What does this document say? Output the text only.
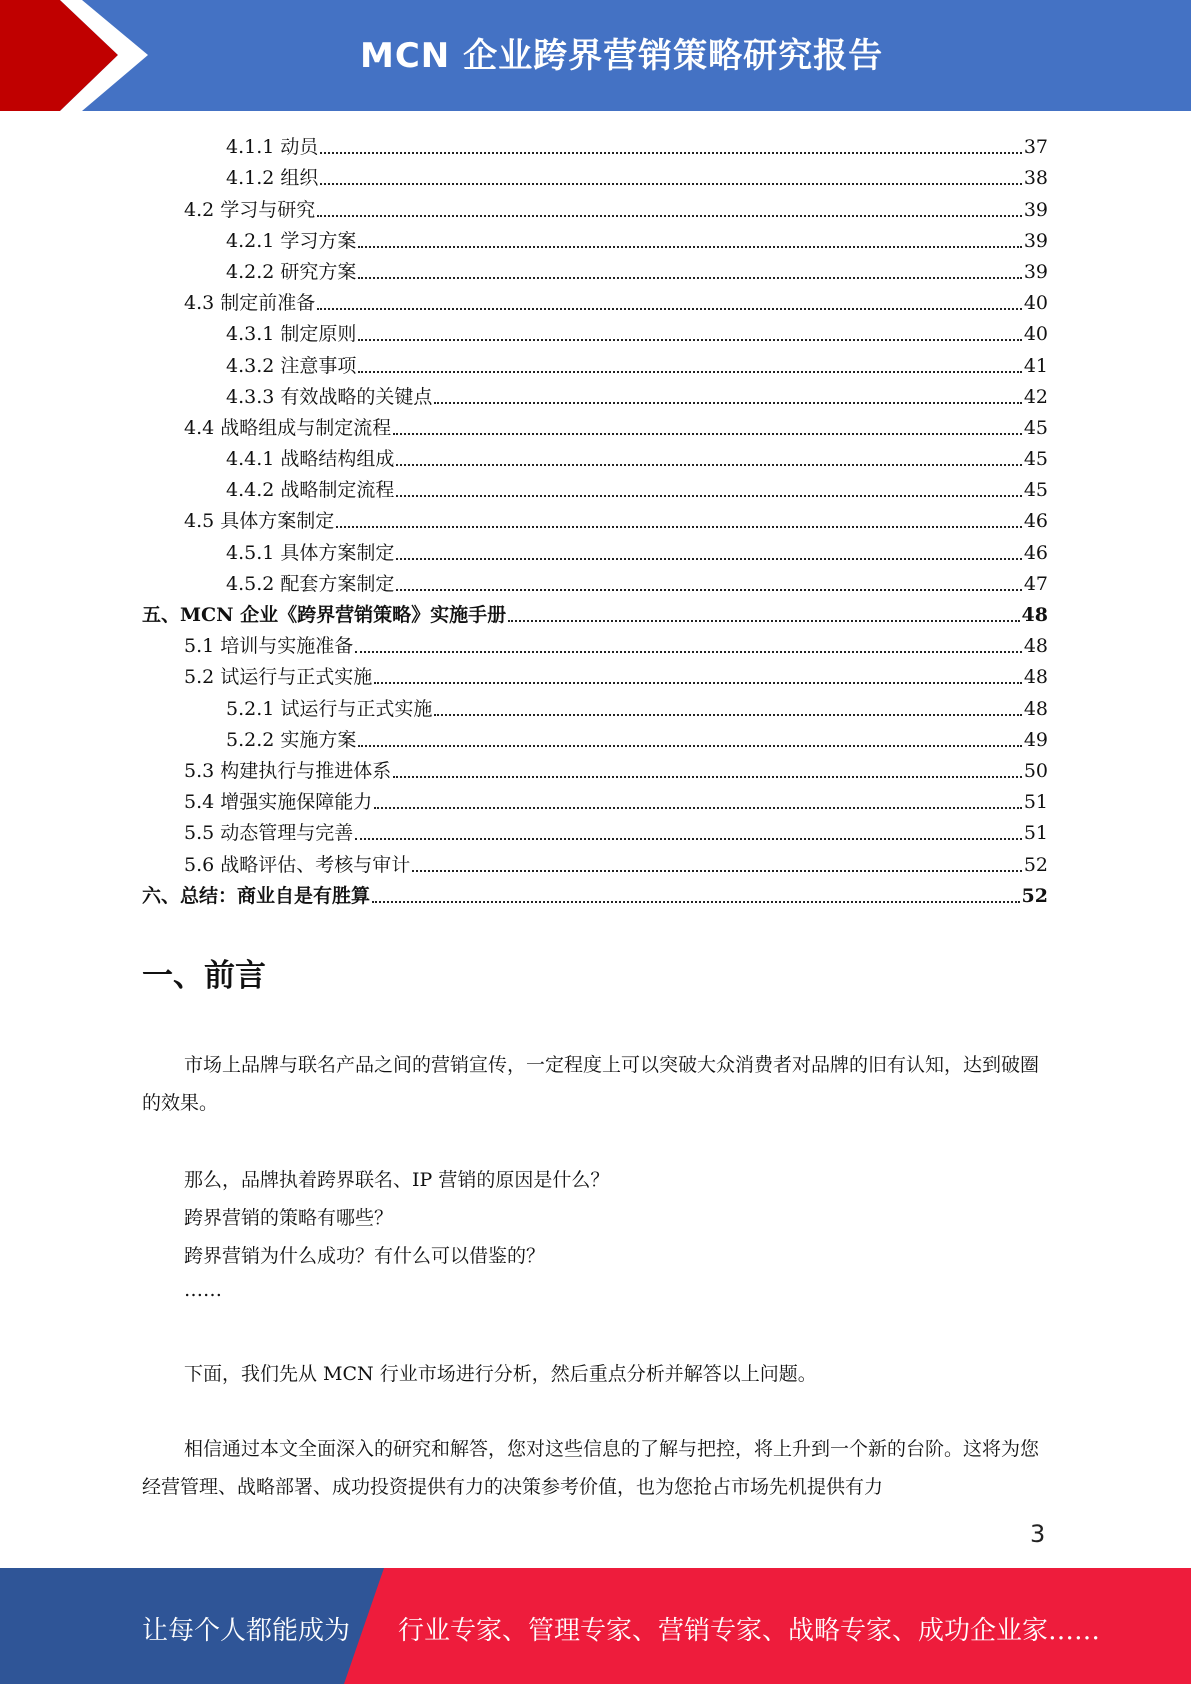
MCN 企业跨界营销策略研究报告
4.1.1 动员	37
4.1.2 组织	38
4.2 学习与研究	39
4.2.1 学习方案	39
4.2.2 研究方案	39
4.3 制定前准备	40
4.3.1 制定原则	40
4.3.2 注意事项	41
4.3.3 有效战略的关键点	42
4.4 战略组成与制定流程	45
4.4.1 战略结构组成	45
4.4.2 战略制定流程	45
4.5 具体方案制定	46
4.5.1 具体方案制定	46
4.5.2 配套方案制定	47
五、MCN 企业《跨界营销策略》实施手册	48
5.1 培训与实施准备	48
5.2 试运行与正式实施	48
5.2.1 试运行与正式实施	48
5.2.2 实施方案	49
5.3 构建执行与推进体系	50
5.4 增强实施保障能力	51
5.5 动态管理与完善	51
5.6 战略评估、考核与审计	52
六、总结：商业自是有胜算	52
一、前言
市场上品牌与联名产品之间的营销宣传，一定程度上可以突破大众消费者对品牌的旧有认知，达到破圈的效果。
那么，品牌执着跨界联名、IP 营销的原因是什么？
跨界营销的策略有哪些？
跨界营销为什么成功？有什么可以借鉴的？
……
下面，我们先从 MCN 行业市场进行分析，然后重点分析并解答以上问题。
相信通过本文全面深入的研究和解答，您对这些信息的了解与把控，将上升到一个新的台阶。这将为您经营管理、战略部署、成功投资提供有力的决策参考价值，也为您抢占市场先机提供有力
3
让每个人都能成为 行业专家、管理专家、营销专家、战略专家、成功企业家……
